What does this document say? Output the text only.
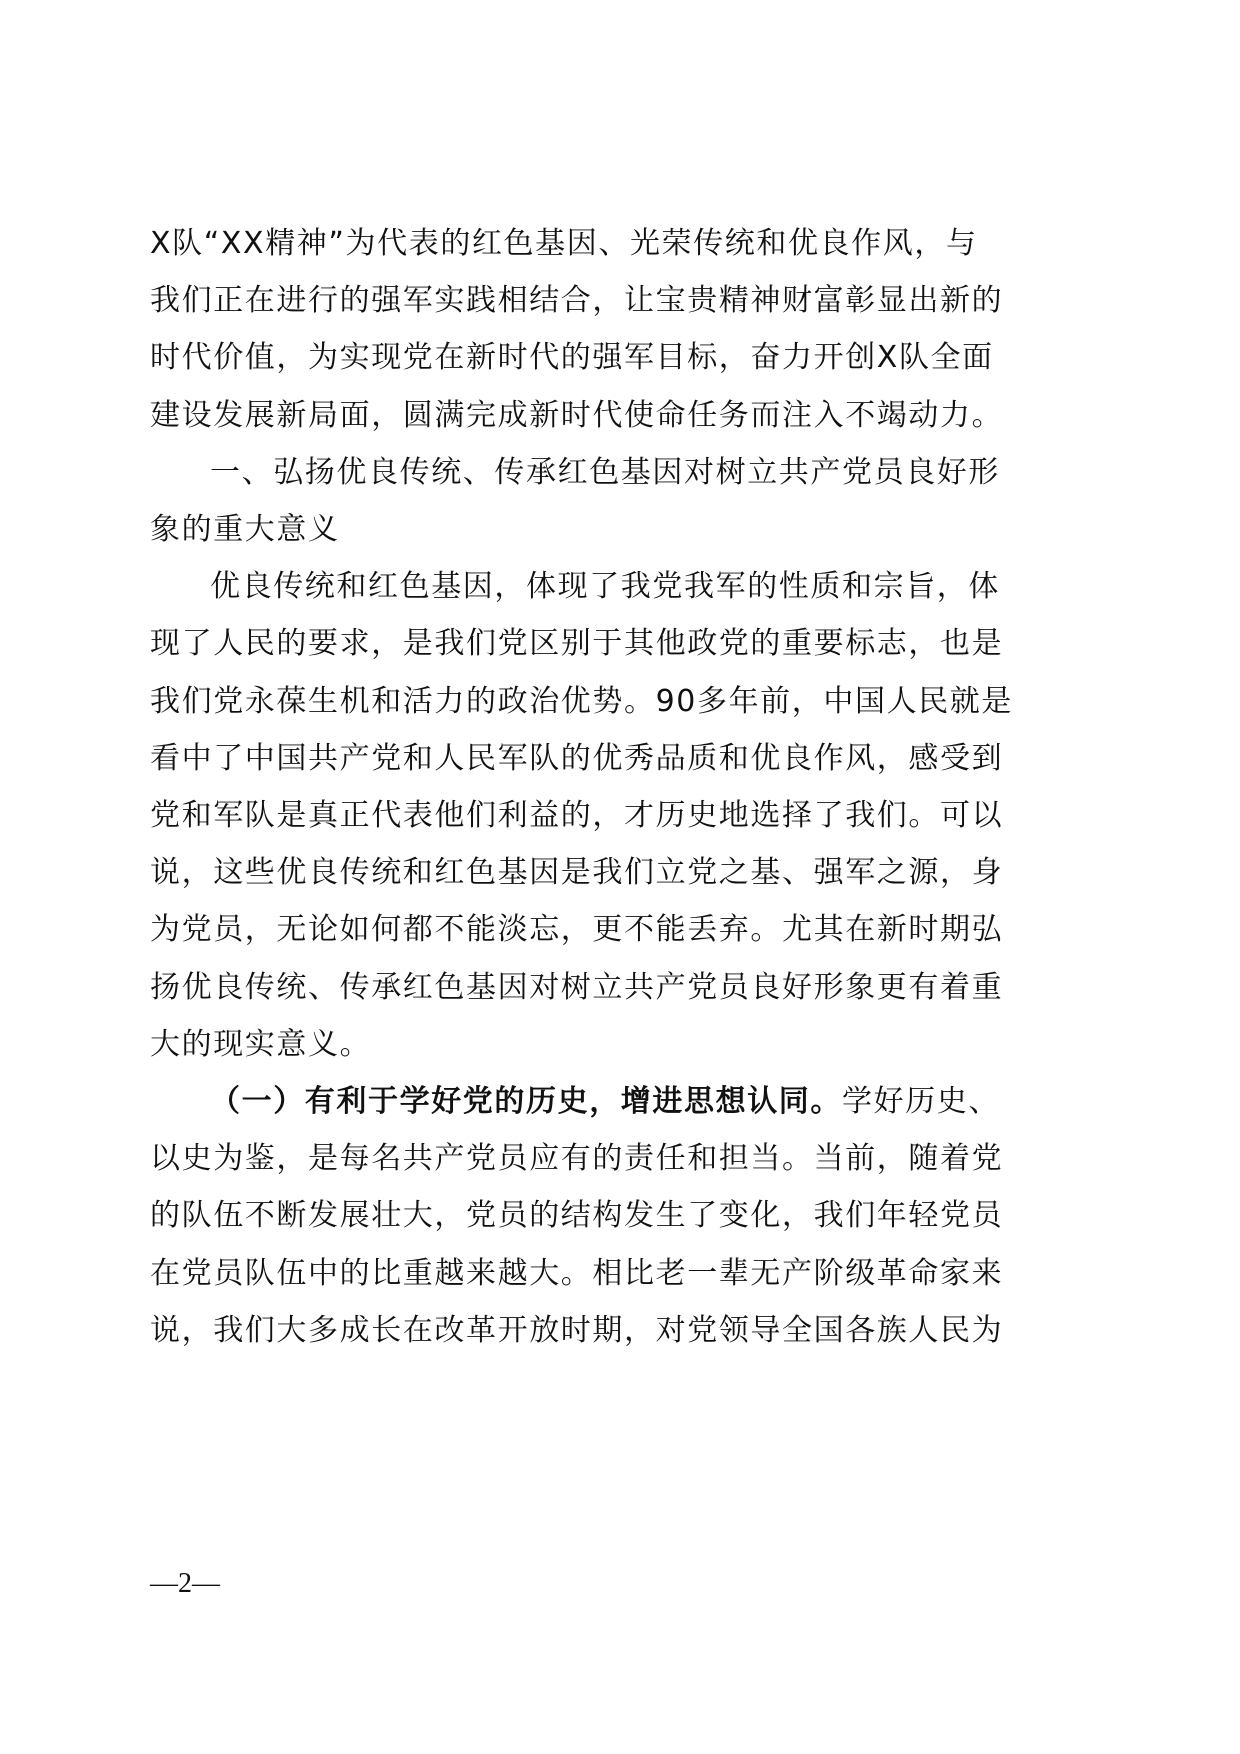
X队“XX精神”为代表的红色基因、光荣传统和优良作风，与
我们正在进行的强军实践相结合，让宝贵精神财富彰显出新的
时代价值，为实现党在新时代的强军目标，奋力开创X队全面
建设发展新局面，圆满完成新时代使命任务而注入不竭动力。

一、弘扬优良传统、传承红色基因对树立共产党员良好形
象的重大意义

优良传统和红色基因，体现了我党我军的性质和宗旨，体
现了人民的要求，是我们党区别于其他政党的重要标志，也是
我们党永葆生机和活力的政治优势。90多年前，中国人民就是
看中了中国共产党和人民军队的优秀品质和优良作风，感受到
党和军队是真正代表他们利益的，才历史地选择了我们。可以
说，这些优良传统和红色基因是我们立党之基、强军之源，身
为党员，无论如何都不能淡忘，更不能丢弃。尤其在新时期弘
扬优良传统、传承红色基因对树立共产党员良好形象更有着重
大的现实意义。

（一）有利于学好党的历史，增进思想认同。学好历史、
以史为鉴，是每名共产党员应有的责任和担当。当前，随着党
的队伍不断发展壮大，党员的结构发生了变化，我们年轻党员
在党员队伍中的比重越来越大。相比老一辈无产阶级革命家来
说，我们大多成长在改革开放时期，对党领导全国各族人民为

—2—
